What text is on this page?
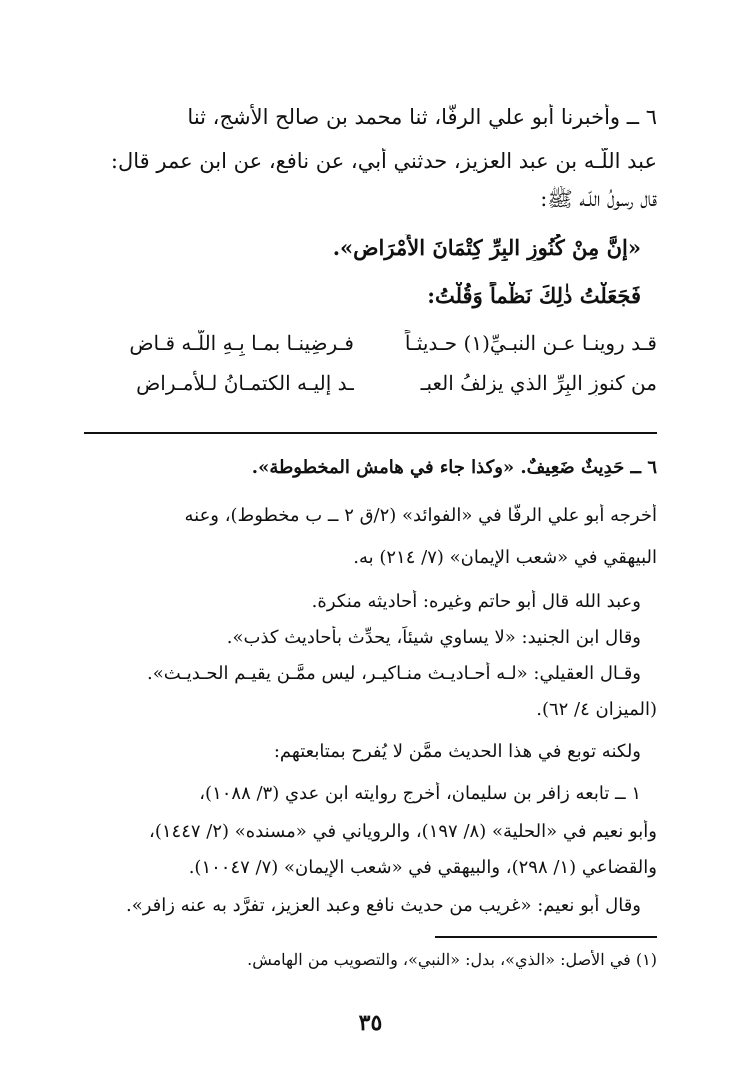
٦ ــ وأخبرنا أبو علي الرفَّا، ثنا محمد بن صالح الأشج، ثنا
عبد اللّـه بن عبد العزيز، حدثني أبي، عن نافع، عن ابن عمر قال:
قال رسولُ اللّـه ﷺ:
«إنَّ مِنْ كُنُوزِ البِرِّ كِتْمَانَ الأَمْرَاضِ».
فَجَعَلْتُ ذٰلِكَ نَظْماً وَقُلْتُ:
قـد روينـا عـن النبـيِّ(١) حـديثـاً
فـرضِينـا بمـا بِـهِ اللّـه قـاضِ
من كنوزِ البِرِّ الذي يزلفُ العبـ
ـد إليـه الكتمـانُ لـلأمـراضِ
٦ ــ حَدِيثٌ ضَعِيفٌ. «وكذا جاء في هامش المخطوطة».
أخرجه أبو علي الرفَّا في «الفوائد» (٢/ق ٢ ــ ب مخطوط)، وعنه
البيهقي في «شعب الإيمان» (٧/ ٢١٤) به.
وعبد الله قال أبو حاتم وغيره: أحاديثه منكرة.
وقال ابن الجنيد: «لا يساوي شيئاً، يحدِّث بأحاديث كذب».
وقـال العقيلي: «لـه أحـاديـث منـاكيـر، ليس ممَّـن يقيـم الحـديـث».
(الميزان ٤/ ٦٢).
ولكنه توبع في هذا الحديث ممَّن لا يُفرح بمتابعتهم:
١ ــ تابعه زافر بن سليمان، أخرج روايته ابن عدي (٣/ ١٠٨٨)،
وأبو نعيم في «الحلية» (٨/ ١٩٧)، والروياني في «مسنده» (٢/ ١٤٤٧)،
والقضاعي (١/ ٢٩٨)، والبيهقي في «شعب الإيمان» (٧/ ١٠٠٤٧).
وقال أبو نعيم: «غريب من حديث نافع وعبد العزيز، تفرَّد به عنه زافر».
(١) في الأصل: «الذي»، بدل: «النبي»، والتصويب من الهامش.
٣٥
